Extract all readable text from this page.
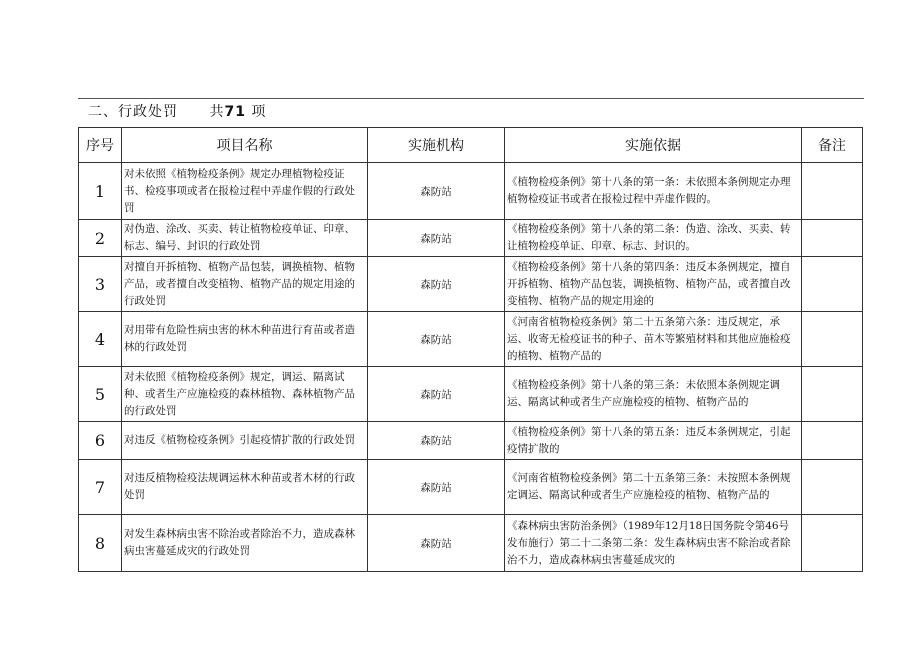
二、行政处罚 共71 项
序号	项目名称	实施机构	实施依据	备注
1	对未依照《植物检疫条例》规定办理植物检疫证书、检疫事项或者在报检过程中弄虚作假的行政处罚	森防站	《植物检疫条例》第十八条的第一条：未依照本条例规定办理植物检疫证书或者在报检过程中弄虚作假的。	
2	对伪造、涂改、买卖、转让植物检疫单证、印章、标志、编号、封识的行政处罚	森防站	《植物检疫条例》第十八条的第二条：伪造、涂改、买卖、转让植物检疫单证、印章、标志、封识的。	
3	对擅自开拆植物、植物产品包装，调换植物、植物产品，或者擅自改变植物、植物产品的规定用途的行政处罚	森防站	《植物检疫条例》第十八条的第四条：违反本条例规定，擅自开拆植物、植物产品包装，调换植物、植物产品，或者擅自改变植物、植物产品的规定用途的	
4	对用带有危险性病虫害的林木种苗进行育苗或者造林的行政处罚	森防站	《河南省植物检疫条例》第二十五条第六条：违反规定，承运、收寄无检疫证书的种子、苗木等繁殖材料和其他应施检疫的植物、植物产品的	
5	对未依照《植物检疫条例》规定，调运、隔离试种、或者生产应施检疫的森林植物、森林植物产品的行政处罚	森防站	《植物检疫条例》第十八条的第三条：未依照本条例规定调运、隔离试种或者生产应施检疫的植物、植物产品的	
6	对违反《植物检疫条例》引起疫情扩散的行政处罚	森防站	《植物检疫条例》第十八条的第五条：违反本条例规定，引起疫情扩散的	
7	对违反植物检疫法规调运林木种苗或者木材的行政处罚	森防站	《河南省植物检疫条例》第二十五条第三条：未按照本条例规定调运、隔离试种或者生产应施检疫的植物、植物产品的	
8	对发生森林病虫害不除治或者除治不力，造成森林病虫害蔓延成灾的行政处罚	森防站	《森林病虫害防治条例》（1989年12月18日国务院令第46号发布施行）第二十二条第二条：发生森林病虫害不除治或者除治不力，造成森林病虫害蔓延成灾的	
